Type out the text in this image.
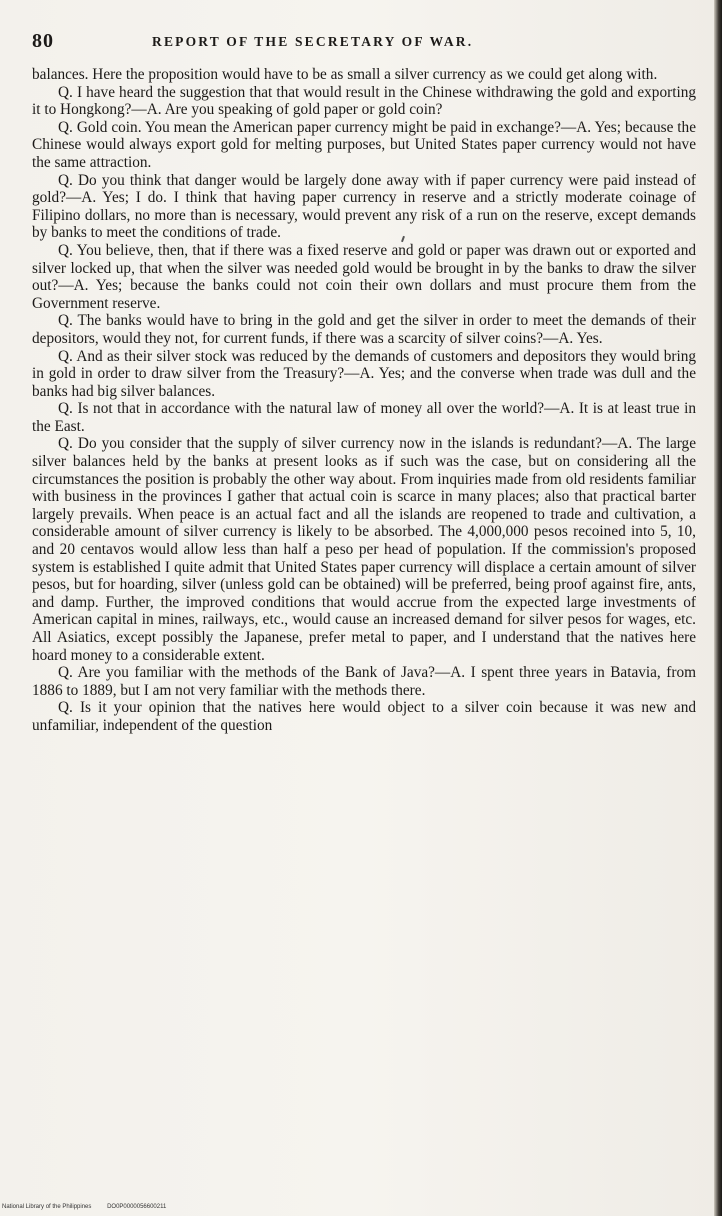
80	REPORT OF THE SECRETARY OF WAR.

balances. Here the proposition would have to be as small a silver currency as we could get along with.

Q. I have heard the suggestion that that would result in the Chinese withdrawing the gold and exporting it to Hongkong?—A. Are you speaking of gold paper or gold coin?

Q. Gold coin. You mean the American paper currency might be paid in exchange?—A. Yes; because the Chinese would always export gold for melting purposes, but United States paper currency would not have the same attraction.

Q. Do you think that danger would be largely done away with if paper currency were paid instead of gold?—A. Yes; I do. I think that having paper currency in reserve and a strictly moderate coinage of Filipino dollars, no more than is necessary, would prevent any risk of a run on the reserve, except demands by banks to meet the conditions of trade.

Q. You believe, then, that if there was a fixed reserve and gold or paper was drawn out or exported and silver locked up, that when the silver was needed gold would be brought in by the banks to draw the silver out?—A. Yes; because the banks could not coin their own dollars and must procure them from the Government reserve.

Q. The banks would have to bring in the gold and get the silver in order to meet the demands of their depositors, would they not, for current funds, if there was a scarcity of silver coins?—A. Yes.

Q. And as their silver stock was reduced by the demands of customers and depositors they would bring in gold in order to draw silver from the Treasury?—A. Yes; and the converse when trade was dull and the banks had big silver balances.

Q. Is not that in accordance with the natural law of money all over the world?—A. It is at least true in the East.

Q. Do you consider that the supply of silver currency now in the islands is redundant?—A. The large silver balances held by the banks at present looks as if such was the case, but on considering all the circumstances the position is probably the other way about. From inquiries made from old residents familiar with business in the provinces I gather that actual coin is scarce in many places; also that practical barter largely prevails. When peace is an actual fact and all the islands are reopened to trade and cultivation, a considerable amount of silver currency is likely to be absorbed. The 4,000,000 pesos recoined into 5, 10, and 20 centavos would allow less than half a peso per head of population. If the commission's proposed system is established I quite admit that United States paper currency will displace a certain amount of silver pesos, but for hoarding, silver (unless gold can be obtained) will be preferred, being proof against fire, ants, and damp. Further, the improved conditions that would accrue from the expected large investments of American capital in mines, railways, etc., would cause an increased demand for silver pesos for wages, etc. All Asiatics, except possibly the Japanese, prefer metal to paper, and I understand that the natives here hoard money to a considerable extent.

Q. Are you familiar with the methods of the Bank of Java?—A. I spent three years in Batavia, from 1886 to 1889, but I am not very familiar with the methods there.

Q. Is it your opinion that the natives here would object to a silver coin because it was new and unfamiliar, independent of the question

National Library of the Philippines	DO0P0000056600211
